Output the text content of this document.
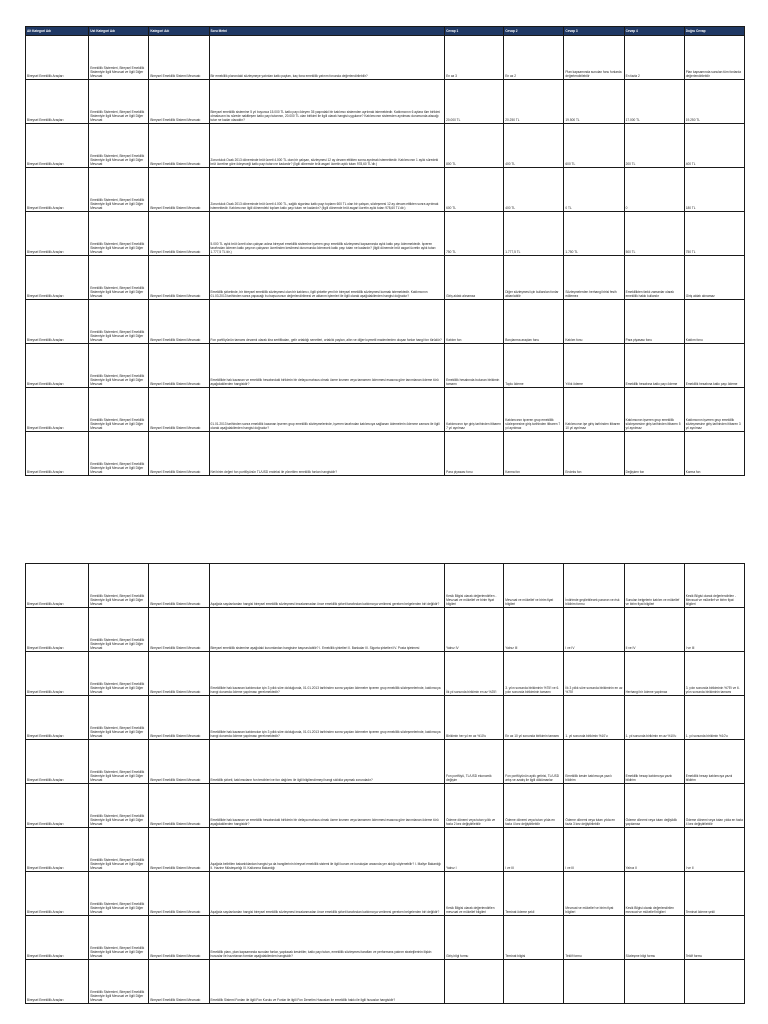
Alt Kategori Adı	Ust Kategori Adı	Kategori Adı	Soru Metni	Cevap 1	Cevap 2	Cevap 3	Cevap 4	Doğru Cevap
Bireysel Emeklilik Araçları	Emeklilik Sistemleri, Bireysel Emeklilik Sistemiyle İlgili Mevzuat ve İlgili Diğer Mevzuat	Bireysel Emeklilik Sistemi Mevzuatı	Bir emeklilik planındaki sözleşmeye yatırılan katkı payları, kaç fona emeklilik yatırım fonunda değerlendirilebilir?	En az 3	En az 2	Plan kapsamında sunulan fonu fonlarda değerlendirilebilir	En fazla 2	Plan kapsamında sunulan tüm fonlarda değerlendirilebilir
Bireysel Emeklilik Araçları	Emeklilik Sistemleri, Bireysel Emeklilik Sistemiyle İlgili Mevzuat ve İlgili Diğer Mevzuat	Bireysel Emeklilik Sistemi Mevzuatı	Bireysel emeklilik sistemine 5 yıl boyunca 15.000 TL katkı payı ödeyen 35 yaşındaki bir katılımcı sistemden ayrılmak istemektedir. Katılımcının 6 aylara tüm birikimi olmaksızın bu sürede nakitleşen katkı payı tutarının, 20.000 TL olan birikimi ile ilgili olarak hangisi uygulanır? Katılımcının sistemden ayrılması durumunda alacağı tutar ne kadar olacaktır?	20.000 TL	20.250 TL	19.500 TL	17.000 TL	19.250 TL
Bireysel Emeklilik Araçları	Emeklilik Sistemleri, Bireysel Emeklilik Sistemiyle İlgili Mevzuat ve İlgili Diğer Mevzuat	Bireysel Emeklilik Sistemi Mevzuatı	Zorunluluk Ocak 2013 döneminde brüt ücreti 4.000 TL olan bir çalışan, sözleşmesi 12 ay devam ettikten sonra ayrılmak istemektedir. Katılımcının 1 aylık süredeki brüt ücretine göre ödeyeceği katkı payı tutarı ne kadardır? (İlgili dönemde brüt asgari ücretin aylık tutarı 978,60 TL'dir.)	800 TL	400 TL	600 TL	200 TL	400 TL
Bireysel Emeklilik Araçları	Emeklilik Sistemleri, Bireysel Emeklilik Sistemiyle İlgili Mevzuat ve İlgili Diğer Mevzuat	Bireysel Emeklilik Sistemi Mevzuatı	Zorunluluk Ocak 2013 döneminde brüt ücreti 4.000 TL, sağlık sigortası katkı payı toplamı 600 TL olan bir çalışan, sözleşmesi 12 ay devam ettikten sonra ayrılmak istemektedir. Katılımcının ilgili dönemdeki toplam katkı payı tutarı ne kadardır? (İlgili dönemde brüt asgari ücretin aylık tutarı 978,60 TL'dir.)	600 TL	400 TL	0 TL	0	180 TL
Bireysel Emeklilik Araçları	Emeklilik Sistemleri, Bireysel Emeklilik Sistemiyle İlgili Mevzuat ve İlgili Diğer Mevzuat	Bireysel Emeklilik Sistemi Mevzuatı	5.000 TL aylık brüt ücreti olan çalışan adına bireysel emeklilik sistemine işveren grup emeklilik sözleşmesi kapsamında aylık katkı payı ödenmektedir. İşveren tarafından ödenen katkı payının çalışanın ücretinden kesilmesi durumunda ödenecek katkı payı tutarı ne kadardır? (İlgili dönemde brüt asgari ücretin aylık tutarı 1.777,5 TL'dir.)	750 TL	1.777,5 TL	1.750 TL	500 TL	750 TL
Bireysel Emeklilik Araçları	Emeklilik Sistemleri, Bireysel Emeklilik Sistemiyle İlgili Mevzuat ve İlgili Diğer Mevzuat	Bireysel Emeklilik Sistemi Mevzuatı	Emeklilik şirketinde, bir bireysel emeklilik sözleşmesi olan bir katılımcı, ilgili şirkette yeni bir bireysel emeklilik sözleşmesi kurmak istemektedir. Katılımcının 01.03.2013 tarihinden sonra yapacağı bu başvurunun değerlendirilmesi ve aktarım işlemleri ile ilgili olarak aşağıdakilerden hangisi doğrudur?	Giriş aidatı alınamaz	Diğer sözleşmesi için kullanılan fonlar aktarılabilir	Sözleşmelerden herhangi birisi fesih edilemez	Emeklilikten farklı zamanlar olarak emeklilik hakkı kullanılır	Giriş aidatı alınamaz
Bireysel Emeklilik Araçları	Emeklilik Sistemleri, Bireysel Emeklilik Sistemiyle İlgili Mevzuat ve İlgili Diğer Mevzuat	Bireysel Emeklilik Sistemi Mevzuatı	Fon portföyünün tamamı devamlı olarak kira sertifikaları, gelir ortaklığı senetleri, ortaklık payları, altın ve diğer kıymetli madenlerden oluşan fonlar hangi fon türüdür?	Katılım fon	Borçlanma araçları fonu	Katılım fonu	Para piyasası fonu	Katılım fonu
Bireysel Emeklilik Araçları	Emeklilik Sistemleri, Bireysel Emeklilik Sistemiyle İlgili Mevzuat ve İlgili Diğer Mevzuat	Bireysel Emeklilik Sistemi Mevzuatı	Emeklilikte hak kazanan ve emeklilik hesabındaki birikimin bir defaya mahsus olmak üzere kısmen veya tamamen ödenmesi esasına göre tanımlanan ödeme türü aşağıdakilerden hangisidir?	Emeklilik hesabında bulunan birikimin tamamı	Toplu ödeme	Yıllık ödeme	Emeklilik hesabına katkı payı ödeme	Emeklilik hesabına katkı payı ödeme
Bireysel Emeklilik Araçları	Emeklilik Sistemleri, Bireysel Emeklilik Sistemiyle İlgili Mevzuat ve İlgili Diğer Mevzuat	Bireysel Emeklilik Sistemi Mevzuatı	01.01.2013 tarihinden sonra emeklilik kazanan işveren grup emeklilik sözleşmelerinde, işveren tarafından katılımcıya sağlanan ödemelerin ödenme zamanı ile ilgili olarak aşağıdakilerden hangisi doğrudur?	Katılımcının işe giriş tarihinden itibaren 7 yıl ayrılmaz	Katılımcının işveren grup emeklilik sözleşmesine giriş tarihinden itibaren 7 yıl ayrılmaz	Katılımcının işe giriş tarihinden itibaren 10 yıl ayrılmaz	Katılımcının işveren grup emeklilik sözleşmesine giriş tarihinden itibaren 5 yıl ayrılmaz	Katılımcının işveren grup emeklilik sözleşmesine giriş tarihinden itibaren 3 yıl ayrılmaz
Bireysel Emeklilik Araçları	Emeklilik Sistemleri, Bireysel Emeklilik Sistemiyle İlgili Mevzuat ve İlgili Diğer Mevzuat	Bireysel Emeklilik Sistemi Mevzuatı	Net birim değeri fon portföyünün TL/USD endeksi ile yönetilen emeklilik fonları hangisidir?	Para piyasası fonu	Karma fon	Endeks fon	Değişken fon	Karma fon
Bireysel Emeklilik Araçları	Emeklilik Sistemleri, Bireysel Emeklilik Sistemiyle İlgili Mevzuat ve İlgili Diğer Mevzuat	Bireysel Emeklilik Sistemi Mevzuatı	Aşağıda sayılanlardan hangisi bireysel emeklilik sözleşmesi imzalanmadan önce emeklilik şirketi tarafından katılımcıya verilmesi gereken belgelerden biri değildir?	Kesik Bilgisi olarak değerlendirilen - Mevzuat ve mükellef ve birim fiyat bilgileri	Mevzuat ve mükellef ve birim fiyat bilgileri	İndirimde geçilebilecek paranın ve risk bildirim formu	Sunulan belgelerin katılım ve mükellef ve birim fiyat bilgileri	Kesik Bilgisi olarak değerlendirilen - Mevzuat ve mükellef ve birim fiyat bilgileri
Bireysel Emeklilik Araçları	Emeklilik Sistemleri, Bireysel Emeklilik Sistemiyle İlgili Mevzuat ve İlgili Diğer Mevzuat	Bireysel Emeklilik Sistemi Mevzuatı	Bireysel emeklilik sistemine aşağıdaki kurumlardan hangisine başvurulabilir? I. Emeklilik şirketleri II. Bankalar III. Sigorta şirketleri IV. Posta işletmesi	Yalnız IV	Yalnız III	I ve IV	II ve IV	I ve III
Bireysel Emeklilik Araçları	Emeklilik Sistemleri, Bireysel Emeklilik Sistemiyle İlgili Mevzuat ve İlgili Diğer Mevzuat	Bireysel Emeklilik Sistemi Mevzuatı	Emeklilikte hak kazanan katılımcılar için 3 yıllık süre dolduğunda, 01.01.2013 tarihinden sonra yapılan ödemeler işveren grup emeklilik sözleşmelerinde, katılımcıya hangi durumda ödeme yapılması gerekmektedir?	İlk yıl sonunda birikimin en az %25'i	3. yılın sonunda birikiminin %75'i ve 6. yılın sonunda birikiminin tamamı	İlk 3 yıllık süre sonunda birikiminin en az %75'i	Herhangi bir ödeme yapılmaz	3. yılın sonunda birikiminin %75'i ve 6. yılın sonunda birikiminin tamamı
Bireysel Emeklilik Araçları	Emeklilik Sistemleri, Bireysel Emeklilik Sistemiyle İlgili Mevzuat ve İlgili Diğer Mevzuat	Bireysel Emeklilik Sistemi Mevzuatı	Emeklilikte hak kazanan katılımcılar için 3 yıllık süre dolduğunda, 01.01.2013 tarihinden sonra yapılan ödemeler işveren grup emeklilik sözleşmelerinde, katılımcıya hangi durumda ödeme yapılması gerekmektedir?	Birikimin her yıl en az %10'u	En az 10 yıl sonunda birikimin tamamı	1. yıl sonunda birikimin %10'u	1. yıl sonunda birikimin en az %10'u	1. yıl sonunda birikimin %10'u
Bireysel Emeklilik Araçları	Emeklilik Sistemleri, Bireysel Emeklilik Sistemiyle İlgili Mevzuat ve İlgili Diğer Mevzuat	Bireysel Emeklilik Sistemi Mevzuatı	Emeklilik şirketi, katılımcıların fon tercihleri ve fon dağılımı ile ilgili bilgilendirmeyi hangi sıklıkla yapmak zorundadır?	Fon portföyü, TL/USD ekonomik değişim	Fon portföyünün aylık getirisi, TL/USD artış ve azalış ile ilgili dökümanlar	Emeklilik kesim katılımcıya yazılı bildirim	Emeklilik hesap katılımcıya yazılı bildirim	Emeklilik hesap katılımcıya yazılı bildirim
Bireysel Emeklilik Araçları	Emeklilik Sistemleri, Bireysel Emeklilik Sistemiyle İlgili Mevzuat ve İlgili Diğer Mevzuat	Bireysel Emeklilik Sistemi Mevzuatı	Emeklilikte hak kazanan ve emeklilik hesabındaki birikimin bir defaya mahsus olmak üzere kısmen veya tamamen ödenmesi esasına göre tanımlanan ödeme türü aşağıdakilerden hangisidir?	Ödeme dönemi veya tutarı yıllık ve fazla 2 kez değiştirilebilir	Ödeme dönemi veya tutarı yılda en fazla 4 kez değiştirilebilir	Ödeme dönemi veya tutarı yılda en fazla 3 kez değiştirilebilir	Ödeme dönemi veya tutarı değişiklik yapılamaz	Ödeme dönemi veya tutarı yılda en fazla 4 kez değiştirilebilir
Bireysel Emeklilik Araçları	Emeklilik Sistemleri, Bireysel Emeklilik Sistemiyle İlgili Mevzuat ve İlgili Diğer Mevzuat	Bireysel Emeklilik Sistemi Mevzuatı	Aşağıda belirtilen bakanlıklardan hangisi ya da hangilerinin bireysel emeklilik sistemi ile ilgili kurum ve kuruluşlar arasında yer aldığı söylenebilir? I. Maliye Bakanlığı II. Hazine Müsteşarlığı III. Kalkınma Bakanlığı	Yalnız I	I ve III	I ve III	Yalnız II	I ve II
Bireysel Emeklilik Araçları	Emeklilik Sistemleri, Bireysel Emeklilik Sistemiyle İlgili Mevzuat ve İlgili Diğer Mevzuat	Bireysel Emeklilik Sistemi Mevzuatı	Aşağıda sayılanlardan hangisi bireysel emeklilik sözleşmesi imzalanmadan önce emeklilik şirketi tarafından katılımcıya verilmesi gereken belgelerden biri değildir?	Kesik Bilgisi olarak değerlendirilen mevzuat ve mükellef bilgileri	Teminat ödeme şekli	Mevzuat ve mükellef ve birim fiyat bilgileri	Kesik Bilgisi olarak değerlendirilen mevzuat ve mükellef bilgileri	Teminat ödeme şekli
Bireysel Emeklilik Araçları	Emeklilik Sistemleri, Bireysel Emeklilik Sistemiyle İlgili Mevzuat ve İlgili Diğer Mevzuat	Bireysel Emeklilik Sistemi Mevzuatı	Emeklilik planı, plan kapsamında sunulan fonlar, yapılacak kesintiler, katkı payı tutarı, emeklilik sözleşmesi tarafları ve performans yatırım stratejilerinin ilişkin hususlar ile hazırlanan formlar aşağıdakilerden hangisidir?	Giriş bilgi formu	Teminat bilgisi	Teklif formu	Sözleşme bilgi formu	Teklif formu
Bireysel Emeklilik Araçları	Emeklilik Sistemleri, Bireysel Emeklilik Sistemiyle İlgili Mevzuat ve İlgili Diğer Mevzuat	Bireysel Emeklilik Sistemi Mevzuatı	Emeklilik Sistemi Fonları ile ilgili Fon Kurulu ve Fonlar ile ilgili Fon Denetim Hususları ile emeklilik hakkı ile ilgili hususlar hangisidir?					
